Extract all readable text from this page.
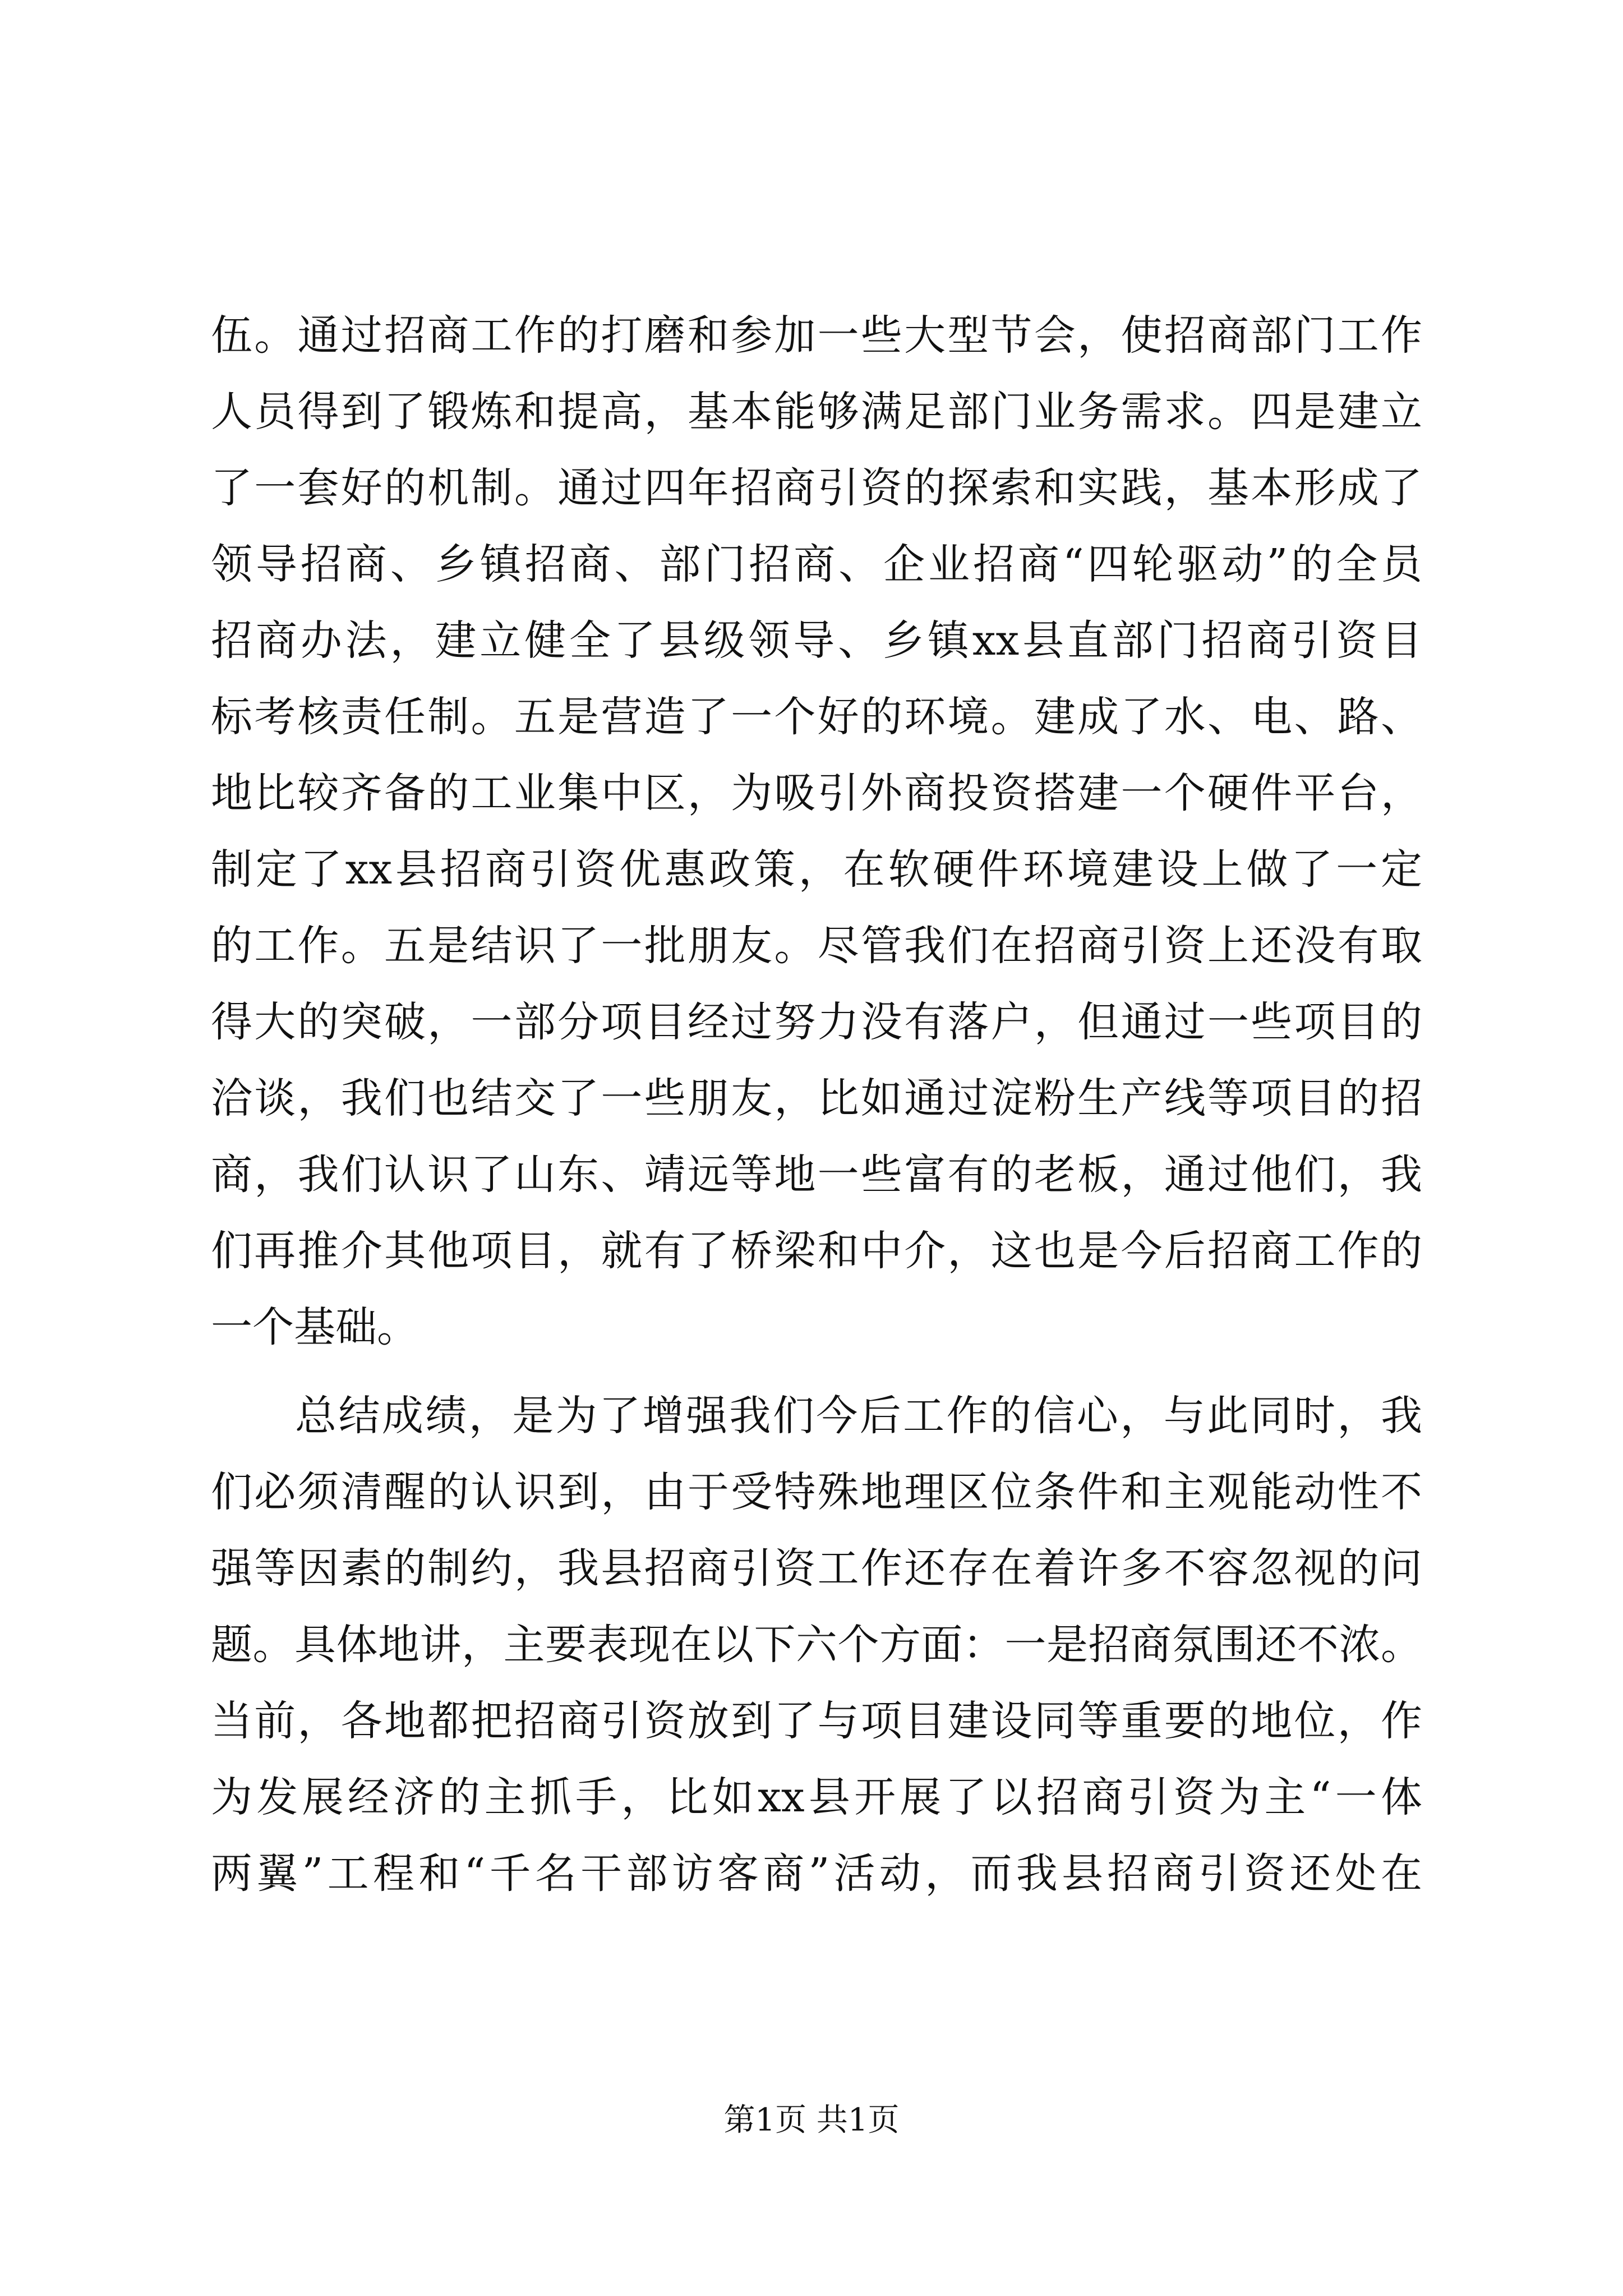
伍。通过招商工作的打磨和参加一些大型节会，使招商部门工作
人员得到了锻炼和提高，基本能够满足部门业务需求。四是建立
了一套好的机制。通过四年招商引资的探索和实践，基本形成了
领导招商、乡镇招商、部门招商、企业招商“四轮驱动”的全员
招商办法，建立健全了县级领导、乡镇xx县直部门招商引资目
标考核责任制。五是营造了一个好的环境。建成了水、电、路、
地比较齐备的工业集中区，为吸引外商投资搭建一个硬件平台，
制定了xx县招商引资优惠政策，在软硬件环境建设上做了一定
的工作。五是结识了一批朋友。尽管我们在招商引资上还没有取
得大的突破，一部分项目经过努力没有落户，但通过一些项目的
洽谈，我们也结交了一些朋友，比如通过淀粉生产线等项目的招
商，我们认识了山东、靖远等地一些富有的老板，通过他们，我
们再推介其他项目，就有了桥梁和中介，这也是今后招商工作的
一个基础。
总结成绩，是为了增强我们今后工作的信心，与此同时，我
们必须清醒的认识到，由于受特殊地理区位条件和主观能动性不
强等因素的制约，我县招商引资工作还存在着许多不容忽视的问
题。具体地讲，主要表现在以下六个方面：一是招商氛围还不浓。
当前，各地都把招商引资放到了与项目建设同等重要的地位，作
为发展经济的主抓手，比如xx县开展了以招商引资为主“一体
两翼”工程和“千名干部访客商”活动，而我县招商引资还处在
第1页 共1页
